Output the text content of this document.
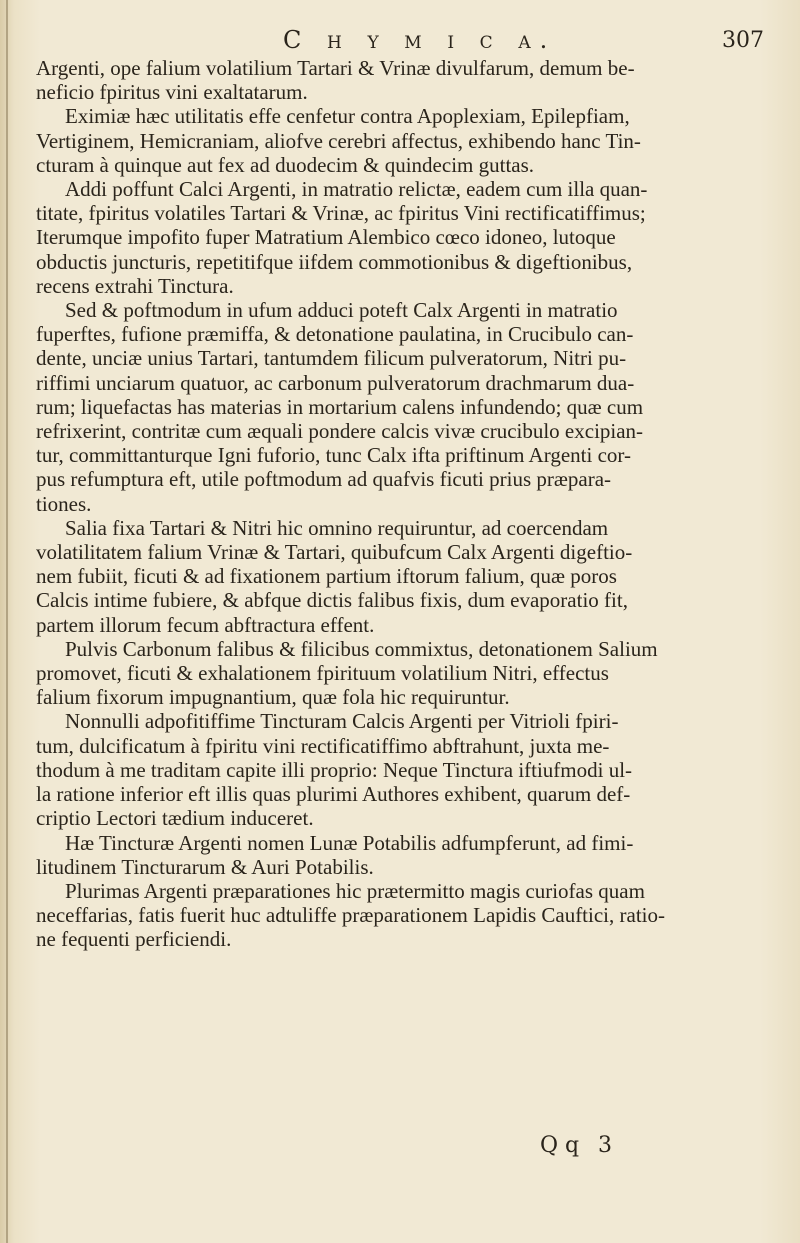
C h y m i c a.	307

Argenti, ope falium volatilium Tartari & Vrinæ divulfarum, demum be-
neficio fpiritus vini exaltatarum.

Eximiæ hæc utilitatis effe cenfetur contra Apoplexiam, Epilepfiam,
Vertiginem, Hemicraniam, aliofve cerebri affectus, exhibendo hanc Tin-
cturam à quinque aut fex ad duodecim & quindecim guttas.

Addi poffunt Calci Argenti, in matratio relictæ, eadem cum illa quan-
titate, fpiritus volatiles Tartari & Vrinæ, ac fpiritus Vini rectificatiffimus;
Iterumque impofito fuper Matratium Alembico cœco idoneo, lutoque
obductis juncturis, repetitifque iifdem commotionibus & digeftionibus,
recens extrahi Tinctura.

Sed & poftmodum in ufum adduci poteft Calx Argenti in matratio
fuperftes, fufione præmiffa, & detonatione paulatina, in Crucibulo can-
dente, unciæ unius Tartari, tantumdem filicum pulveratorum, Nitri pu-
riffimi unciarum quatuor, ac carbonum pulveratorum drachmarum dua-
rum; liquefactas has materias in mortarium calens infundendo; quæ cum
refrixerint, contritæ cum æquali pondere calcis vivæ crucibulo excipian-
tur, committanturque Igni fuforio, tunc Calx ifta priftinum Argenti cor-
pus refumptura eft, utile poftmodum ad quafvis ficuti prius præpara-
tiones.

Salia fixa Tartari & Nitri hic omnino requiruntur, ad coercendam
volatilitatem falium Vrinæ & Tartari, quibufcum Calx Argenti digeftio-
nem fubiit, ficuti & ad fixationem partium iftorum falium, quæ poros
Calcis intime fubiere, & abfque dictis falibus fixis, dum evaporatio fit,
partem illorum fecum abftractura effent.

Pulvis Carbonum falibus & filicibus commixtus, detonationem Salium
promovet, ficuti & exhalationem fpirituum volatilium Nitri, effectus
falium fixorum impugnantium, quæ fola hic requiruntur.

Nonnulli adpofitiffime Tincturam Calcis Argenti per Vitrioli fpiri-
tum, dulcificatum à fpiritu vini rectificatiffimo abftrahunt, juxta me-
thodum à me traditam capite illi proprio: Neque Tinctura iftiufmodi ul-
la ratione inferior eft illis quas plurimi Authores exhibent, quarum def-
criptio Lectori tædium induceret.

Hæ Tincturæ Argenti nomen Lunæ Potabilis adfumpferunt, ad fimi-
litudinem Tincturarum & Auri Potabilis.

Plurimas Argenti præparationes hic prætermitto magis curiofas quam
neceffarias, fatis fuerit huc adtuliffe præparationem Lapidis Cauftici, ratio-
ne fequenti perficiendi.

Q q 3
